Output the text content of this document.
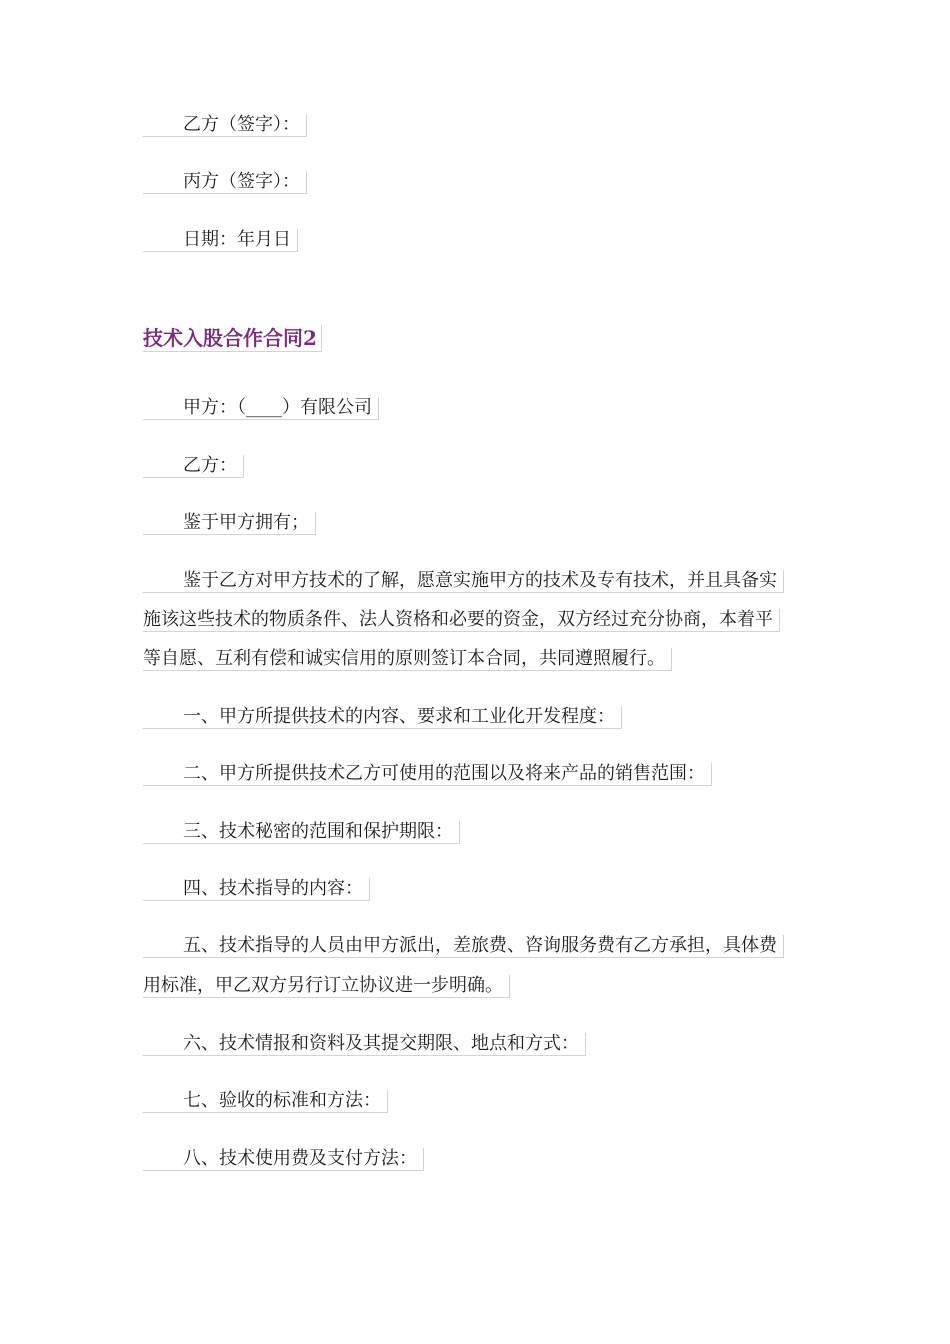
乙方（签字）：
丙方（签字）：
日期：年月日
技术入股合作合同2
甲方：（____）有限公司
乙方：
鉴于甲方拥有；
鉴于乙方对甲方技术的了解，愿意实施甲方的技术及专有技术，并且具备实
施该这些技术的物质条件、法人资格和必要的资金，双方经过充分协商，本着平
等自愿、互利有偿和诚实信用的原则签订本合同，共同遵照履行。
一、甲方所提供技术的内容、要求和工业化开发程度：
二、甲方所提供技术乙方可使用的范围以及将来产品的销售范围：
三、技术秘密的范围和保护期限：
四、技术指导的内容：
五、技术指导的人员由甲方派出，差旅费、咨询服务费有乙方承担，具体费
用标准，甲乙双方另行订立协议进一步明确。
六、技术情报和资料及其提交期限、地点和方式：
七、验收的标准和方法：
八、技术使用费及支付方法：
